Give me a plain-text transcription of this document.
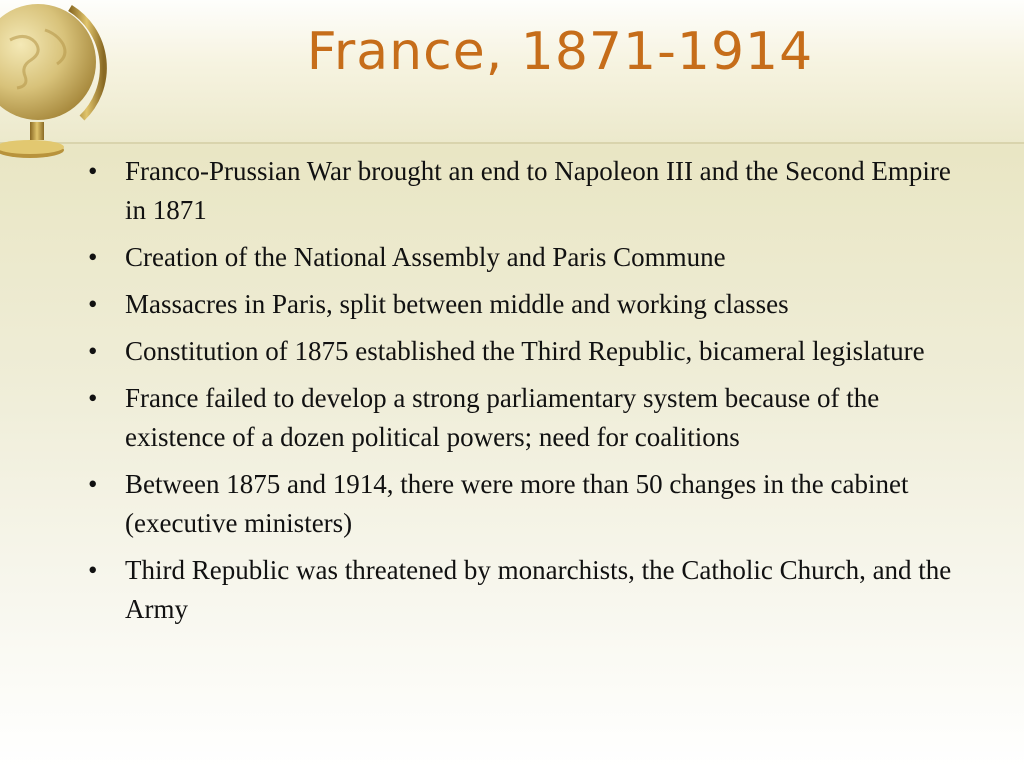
France, 1871-1914
•	Franco-Prussian War brought an end to Napoleon III and the Second Empire in 1871
•	Creation of the National Assembly and Paris Commune
•	Massacres in Paris, split between middle and working classes
•	Constitution of 1875 established the Third Republic, bicameral legislature
•	France failed to develop a strong parliamentary system because of the existence of a dozen political powers; need for coalitions
•	Between 1875 and 1914, there were more than 50 changes in the cabinet (executive ministers)
•	Third Republic was threatened by monarchists, the Catholic Church, and the Army
